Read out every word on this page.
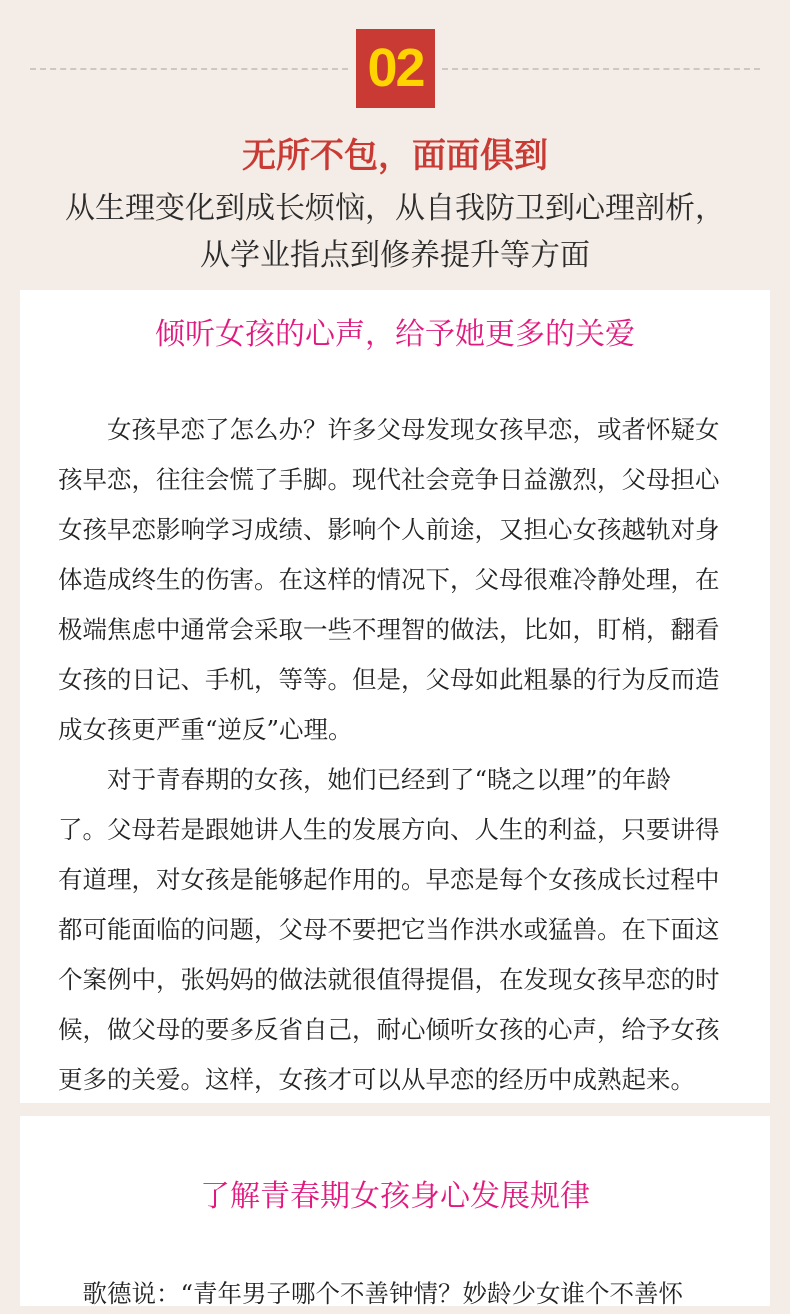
02
无所不包，面面俱到
从生理变化到成长烦恼，从自我防卫到心理剖析，
从学业指点到修养提升等方面
倾听女孩的心声，给予她更多的关爱
　　女孩早恋了怎么办？许多父母发现女孩早恋，或者怀疑女
孩早恋，往往会慌了手脚。现代社会竞争日益激烈，父母担心
女孩早恋影响学习成绩、影响个人前途，又担心女孩越轨对身
体造成终生的伤害。在这样的情况下，父母很难冷静处理，在
极端焦虑中通常会采取一些不理智的做法，比如，盯梢，翻看
女孩的日记、手机，等等。但是，父母如此粗暴的行为反而造
成女孩更严重“逆反”心理。
　　对于青春期的女孩，她们已经到了“晓之以理”的年龄
了。父母若是跟她讲人生的发展方向、人生的利益，只要讲得
有道理，对女孩是能够起作用的。早恋是每个女孩成长过程中
都可能面临的问题，父母不要把它当作洪水或猛兽。在下面这
个案例中，张妈妈的做法就很值得提倡，在发现女孩早恋的时
候，做父母的要多反省自己，耐心倾听女孩的心声，给予女孩
更多的关爱。这样，女孩才可以从早恋的经历中成熟起来。
了解青春期女孩身心发展规律
　歌德说：“青年男子哪个不善钟情？妙龄少女谁个不善怀
